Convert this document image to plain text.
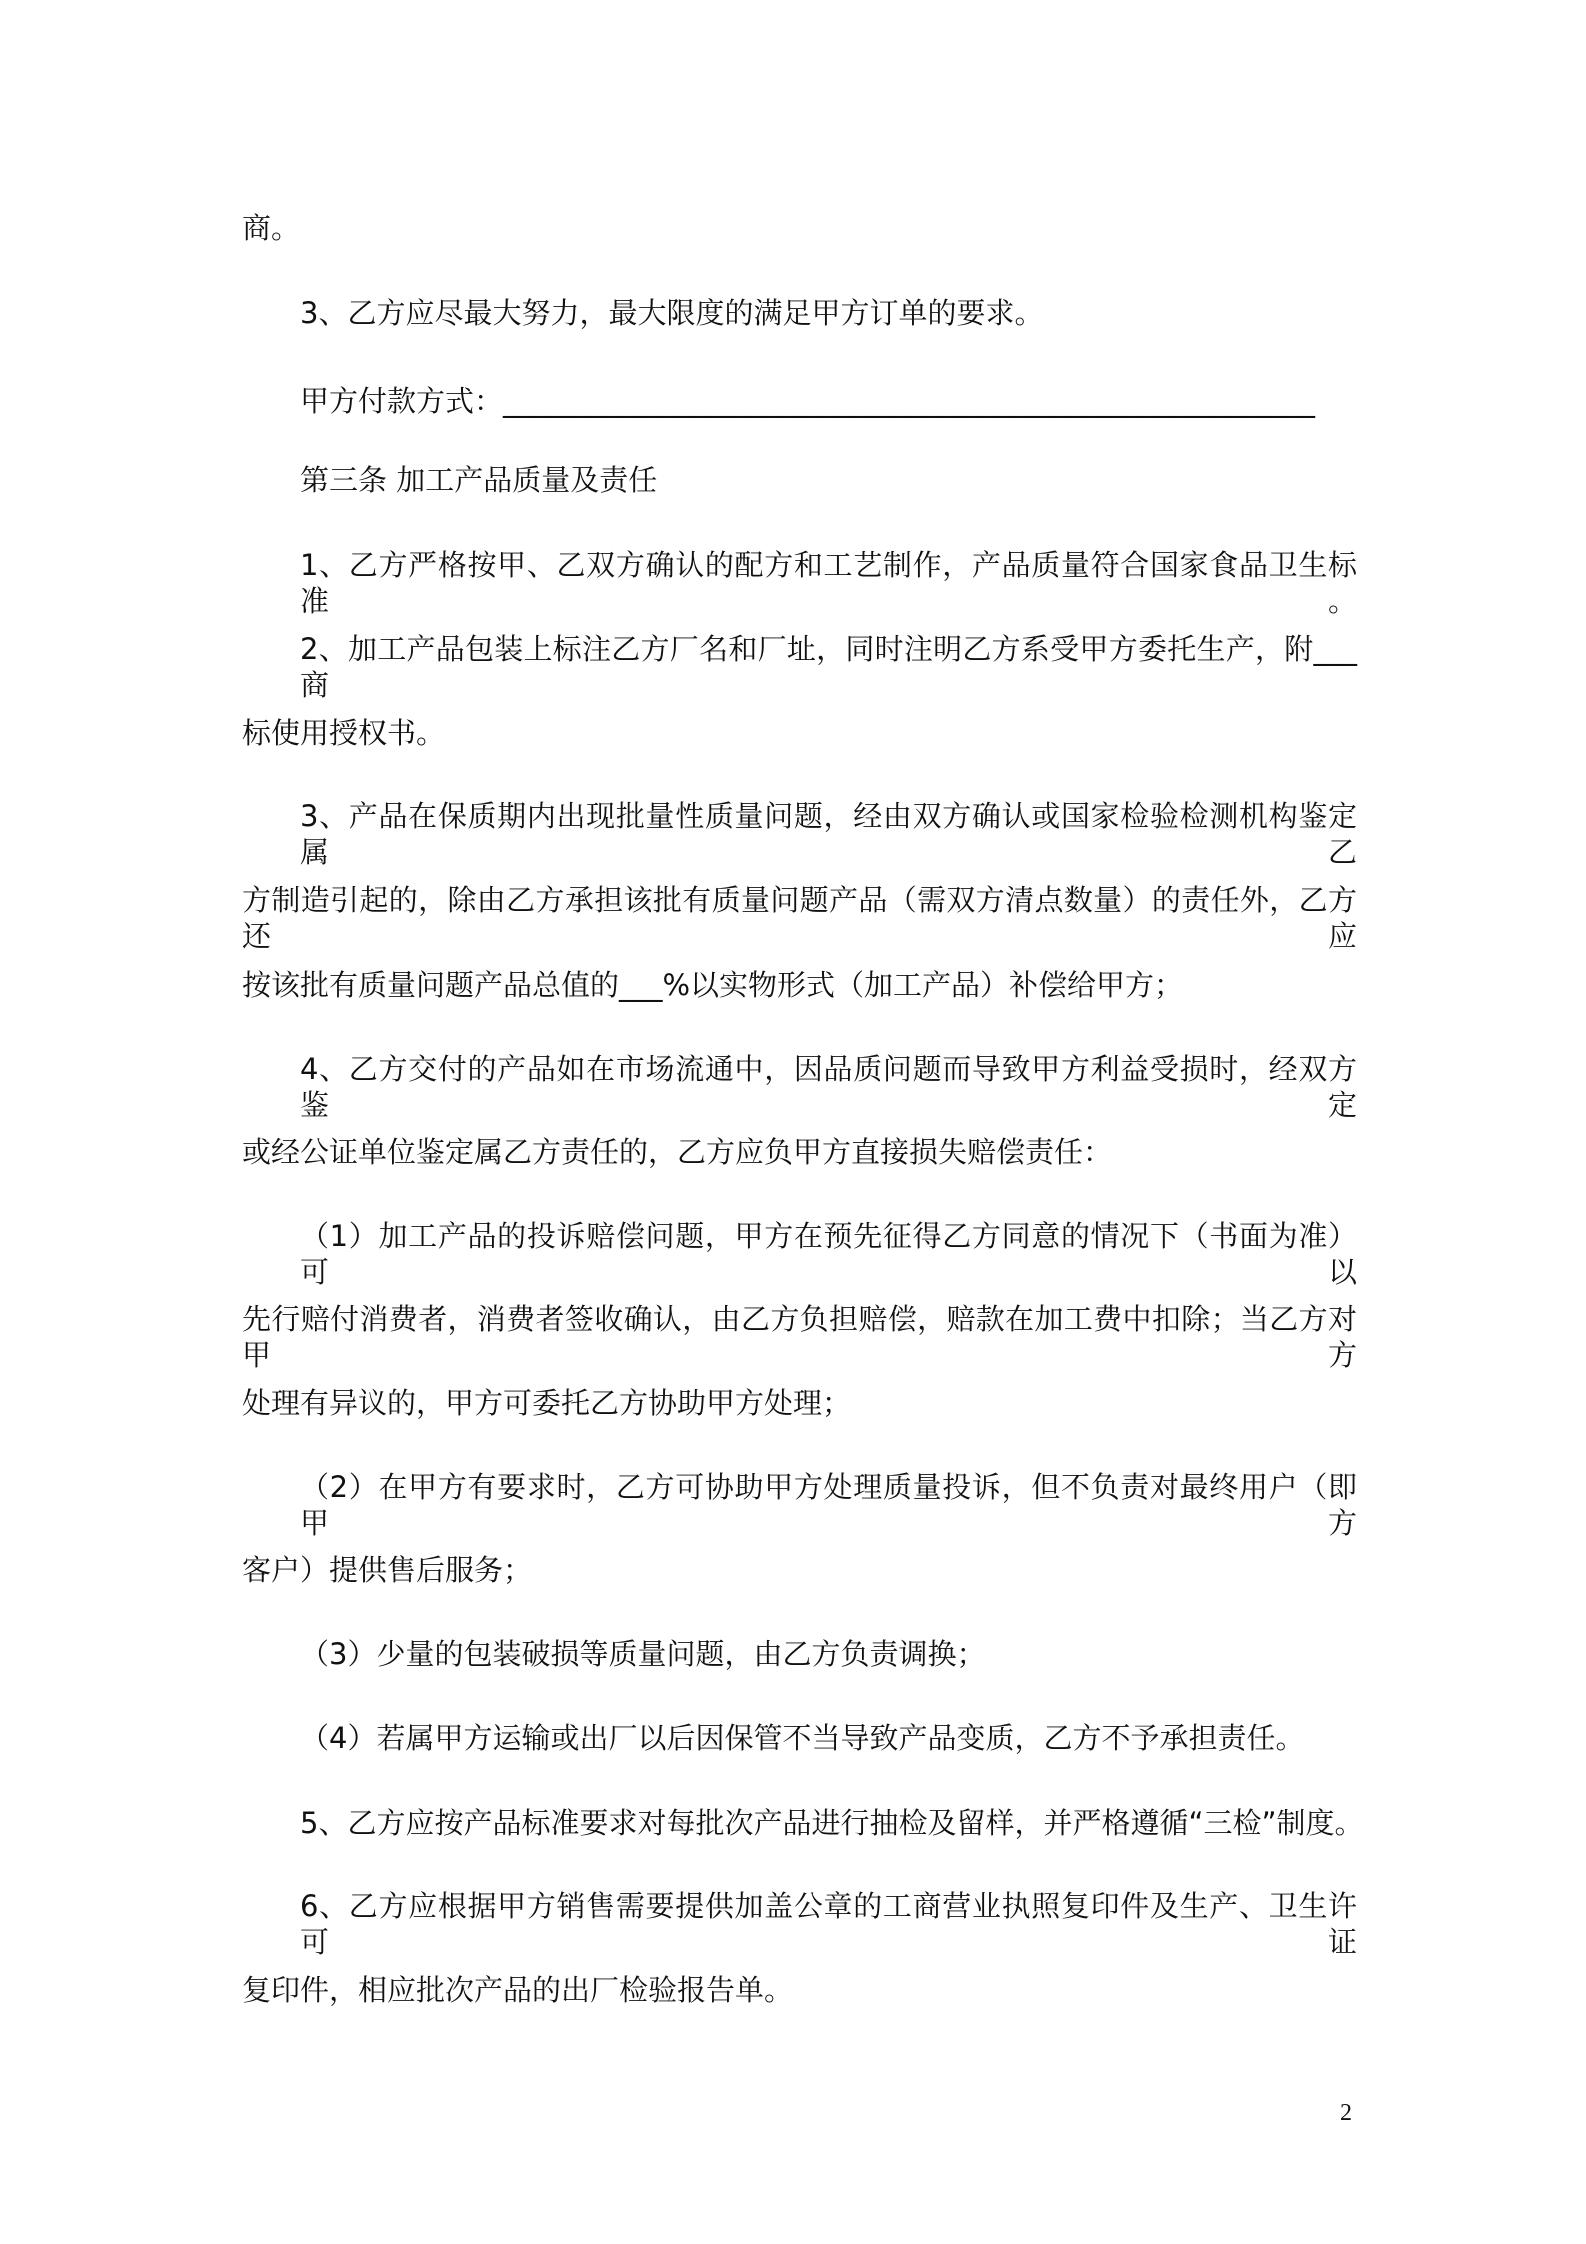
商。
3、乙方应尽最大努力，最大限度的满足甲方订单的要求。
甲方付款方式：________________________________________________________
第三条 加工产品质量及责任
1、乙方严格按甲、乙双方确认的配方和工艺制作，产品质量符合国家食品卫生标准。
2、加工产品包装上标注乙方厂名和厂址，同时注明乙方系受甲方委托生产，附___商
标使用授权书。
3、产品在保质期内出现批量性质量问题，经由双方确认或国家检验检测机构鉴定属乙
方制造引起的，除由乙方承担该批有质量问题产品（需双方清点数量）的责任外，乙方还应
按该批有质量问题产品总值的___%以实物形式（加工产品）补偿给甲方；
4、乙方交付的产品如在市场流通中，因品质问题而导致甲方利益受损时，经双方鉴定
或经公证单位鉴定属乙方责任的，乙方应负甲方直接损失赔偿责任：
（1）加工产品的投诉赔偿问题，甲方在预先征得乙方同意的情况下（书面为准）可以
先行赔付消费者，消费者签收确认，由乙方负担赔偿，赔款在加工费中扣除；当乙方对甲方
处理有异议的，甲方可委托乙方协助甲方处理；
（2）在甲方有要求时，乙方可协助甲方处理质量投诉，但不负责对最终用户（即甲方
客户）提供售后服务；
（3）少量的包装破损等质量问题，由乙方负责调换；
（4）若属甲方运输或出厂以后因保管不当导致产品变质，乙方不予承担责任。
5、乙方应按产品标准要求对每批次产品进行抽检及留样，并严格遵循“三检”制度。
6、乙方应根据甲方销售需要提供加盖公章的工商营业执照复印件及生产、卫生许可证
复印件，相应批次产品的出厂检验报告单。
2
